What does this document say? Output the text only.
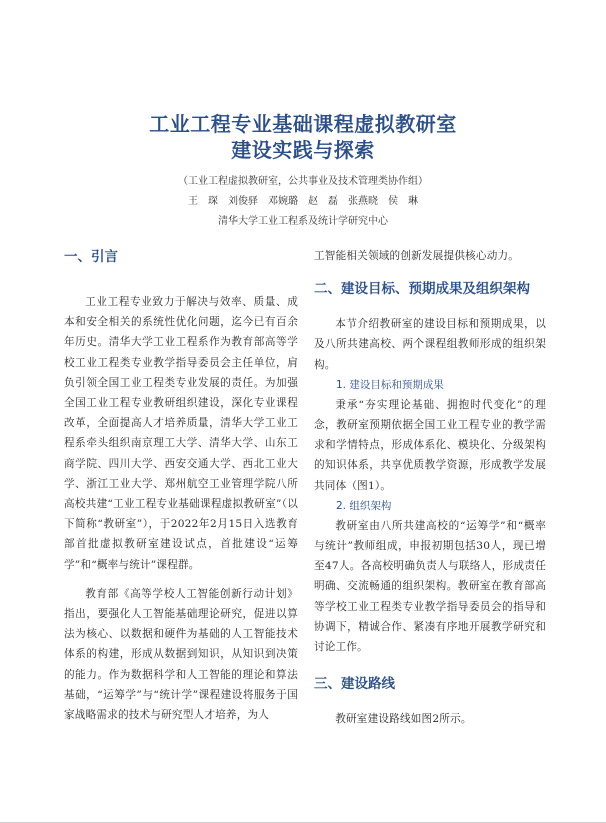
工业工程专业基础课程虚拟教研室
建设实践与探索
（工业工程虚拟教研室，公共事业及技术管理类协作组）
王　琛　刘俊驿　邓婉璐　赵　磊　张燕晓　侯　琳
清华大学工业工程系及统计学研究中心
一、引言

工业工程专业致力于解决与效率、质量、成本和安全相关的系统性优化问题，迄今已有百余年历史。清华大学工业工程系作为教育部高等学校工业工程类专业教学指导委员会主任单位，肩负引领全国工业工程类专业发展的责任。为加强全国工业工程专业教研组织建设，深化专业课程改革，全面提高人才培养质量，清华大学工业工程系牵头组织南京理工大学、清华大学、山东工商学院、四川大学、西安交通大学、西北工业大学、浙江工业大学、郑州航空工业管理学院八所高校共建“工业工程专业基础课程虚拟教研室”（以下简称“教研室”），于2022年2月15日入选教育部首批虚拟教研室建设试点，首批建设“运筹学”和“概率与统计”课程群。

教育部《高等学校人工智能创新行动计划》指出，要强化人工智能基础理论研究，促进以算法为核心、以数据和硬件为基础的人工智能技术体系的构建，形成从数据到知识，从知识到决策的能力。作为数据科学和人工智能的理论和算法基础，“运筹学”与“统计学”课程建设将服务于国家战略需求的技术与研究型人才培养，为人

工智能相关领域的创新发展提供核心动力。

二、建设目标、预期成果及组织架构

本节介绍教研室的建设目标和预期成果，以及八所共建高校、两个课程组教师形成的组织架构。

1. 建设目标和预期成果

秉承“夯实理论基础、拥抱时代变化”的理念，教研室预期依据全国工业工程专业的教学需求和学情特点，形成体系化、模块化、分级架构的知识体系，共享优质教学资源，形成教学发展共同体（图1）。

2. 组织架构

教研室由八所共建高校的“运筹学”和“概率与统计”教师组成，申报初期包括30人，现已增至47人。各高校明确负责人与联络人，形成责任明确、交流畅通的组织架构。教研室在教育部高等学校工业工程类专业教学指导委员会的指导和协调下，精诚合作、紧凑有序地开展教学研究和讨论工作。

三、建设路线

教研室建设路线如图2所示。
